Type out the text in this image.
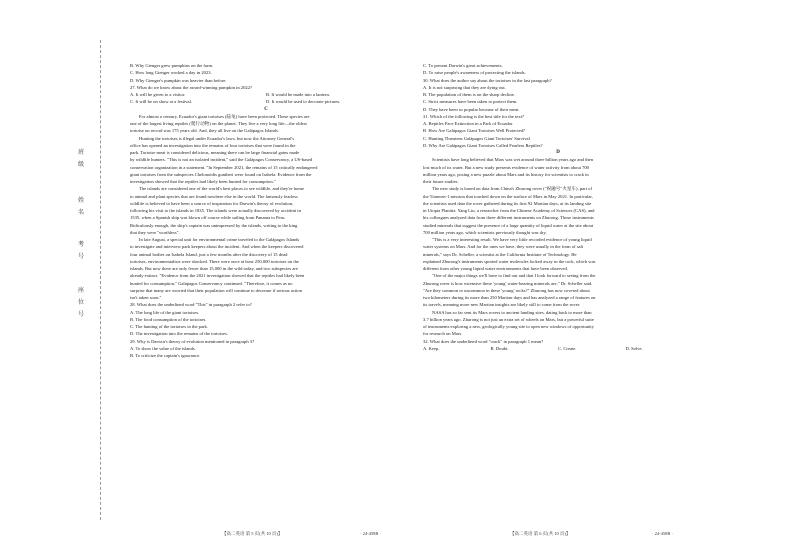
班
级
姓
名
考
号
座
位
号
B. Why Gienger grew pumpkins on the farm.
C. How long Gienger worked a day in 2023.
D. Why Gienger's pumpkin was heavier than before.
27. What do we know about the award-winning pumpkin in 2022?
A. It will be given to a visitor.	B. It would be made into a lantern.
C. It will be on show at a festival.	D. It would be used to decorate pictures.
C
For almost a century, Ecuador's giant tortoises (陆龟) have been protected. These species are
one of the largest living reptiles (爬行动物) on the planet. They live a very long life—the oldest
tortoise on record was 175 years old. And, they all live on the Galápagos Islands.
Hunting the tortoises is illegal under Ecuador's laws, but now the Attorney General's
office has opened an investigation into the remains of four tortoises that were found in the
park. Tortoise meat is considered delicious, meaning there can be large financial gains made
by wildlife hunters. "This is not an isolated incident," said the Galápagos Conservancy, a US-based
conservation organization in a statement. "In September 2021, the remains of 15 critically endangered
giant tortoises from the subspecies Chelonoidis guntheri were found on Isabela. Evidence from the
investigation showed that the reptiles had likely been hunted for consumption."
The islands are considered one of the world's best places to see wildlife, and they're home
to animal and plant species that are found nowhere else in the world. The famously fearless
wildlife is believed to have been a source of inspiration for Darwin's theory of evolution,
following his visit to the islands in 1835. The islands were actually discovered by accident in
1535, when a Spanish ship was blown off course while sailing from Panama to Peru.
Ridiculously enough, the ship's captain was unimpressed by the islands, writing to the king
that they were "worthless".
In late August, a special unit for environmental crime traveled to the Galápagos Islands
to investigate and interview park keepers about the incident. And when the keepers discovered
four animal bodies on Isabela Island, just a few months after the discovery of 15 dead
tortoises, environmentalists were shocked. There were once at least 250,000 tortoises on the
islands. But now there are only fewer than 15,000 in the wild today, and two subspecies are
already extinct. "Evidence from the 2021 investigation showed that the reptiles had likely been
hunted for consumption," Galápagos Conservancy continued. "Therefore, it comes as no
surprise that many are worried that their population will continue to decrease if serious action
isn't taken soon."
28. What does the underlined word "This" in paragraph 2 refer to?
A. The long life of the giant tortoises.
B. The food consumption of the tortoises.
C. The hunting of the tortoises in the park.
D. The investigation into the remains of the tortoises.
29. Why is Darwin's theory of evolution mentioned in paragraph 3?
A. To show the value of the islands.
B. To criticize the captain's ignorance.
C. To present Darwin's great achievements.
D. To raise people's awareness of protecting the islands.
30. What does the author say about the tortoises in the last paragraph?
A. It is not surprising that they are dying out.
B. The population of them is on the sharp decline.
C. Strict measures have been taken to protect them.
D. They have been so popular because of their meat.
31. Which of the following is the best title for the text?
A. Reptiles Face Extinction in a Park of Ecuador
B. How Are Galápagos Giant Tortoises Well Protected?
C. Hunting Threatens Galápagos Giant Tortoises' Survival
D. Why Are Galápagos Giant Tortoises Called Fearless Reptiles?
D
Scientists have long believed that Mars was wet around three billion years ago and then
lost much of its water. But a new study presents evidence of water activity from about 700
million years ago, posing a new puzzle about Mars and its history for scientists to crack in
their future studies.
The new study is based on data from China's Zhurong rover ("祝融号"火星车), part of
the Tianwen-1 mission that touched down on the surface of Mars in May 2021. In particular,
the scientists used data the rover gathered during its first 92 Martian days, at its landing site
in Utopia Planitia. Yang Liu, a researcher from the Chinese Academy of Sciences (CAS), and
his colleagues analyzed data from three different instruments on Zhurong. Those instruments
studied minerals that suggest the presence of a large quantity of liquid water at the site about
700 million years ago, which scientists previously thought was dry.
"This is a very interesting result. We have very little recorded evidence of young liquid
water systems on Mars. And for the ones we have, they were usually in the form of salt
minerals," says Dr. Scheller, a scientist at the California Institute of Technology. He
explained Zhurong's instruments spotted water molecules locked away in the rock, which was
different from other young liquid water environments that have been observed.
"One of the major things we'll have to find out and that I look forward to seeing from the
Zhurong rover is how extensive these 'young' water-bearing minerals are," Dr. Scheller said.
"Are they common or uncommon in these 'young' rocks?" Zhurong has now covered about
two kilometers during its more than 250 Martian days and has analyzed a range of features on
its travels, meaning more new Martian insights are likely still to come from the rover.
NASA has so far sent its Mars rovers to ancient landing sites, dating back to more than
3.7 billion years ago. Zhurong is not just an extra set of wheels on Mars, but a powerful suite
of instruments exploring a new, geologically young site to open new windows of opportunity
for research on Mars.
32. What does the underlined word "crack" in paragraph 1 mean?
A. Keep.	B. Doubt.	C. Create.	D. Solve.
【高二英语 第 5 页(共 10 页)】	· 24-458B ·	【高二英语 第 6 页(共 10 页)】	· 24-458B ·
